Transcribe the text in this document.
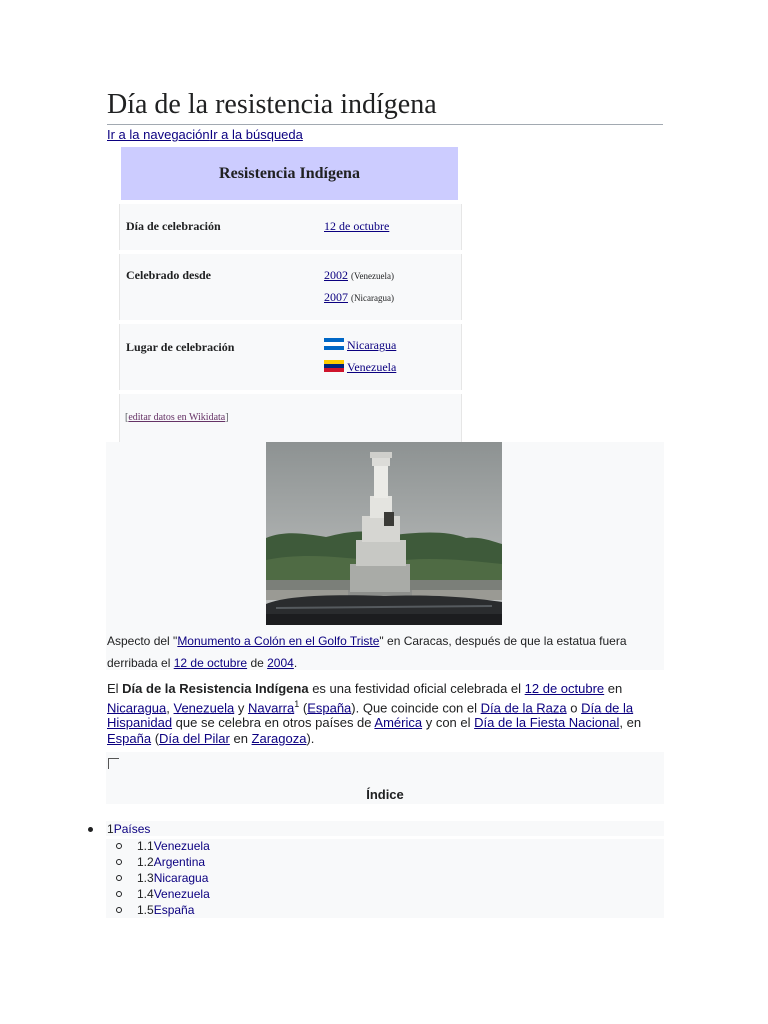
Día de la resistencia indígena
Ir a la navegaciónIr a la búsqueda
Resistencia Indígena
Día de celebración	12 de octubre
Celebrado desde	2002 (Venezuela)
2007 (Nicaragua)
Lugar de celebración	Nicaragua
Venezuela
[editar datos en Wikidata]
Aspecto del "Monumento a Colón en el Golfo Triste" en Caracas, después de que la estatua fuera derribada el 12 de octubre de 2004.

El Día de la Resistencia Indígena es una festividad oficial celebrada el 12 de octubre en Nicaragua, Venezuela y Navarra$^1$ (España). Que coincide con el Día de la Raza o Día de la Hispanidad que se celebra en otros países de América y con el Día de la Fiesta Nacional, en España (Día del Pilar en Zaragoza).

Índice
1Países
1.1Venezuela
1.2Argentina
1.3Nicaragua
1.4Venezuela
1.5España
